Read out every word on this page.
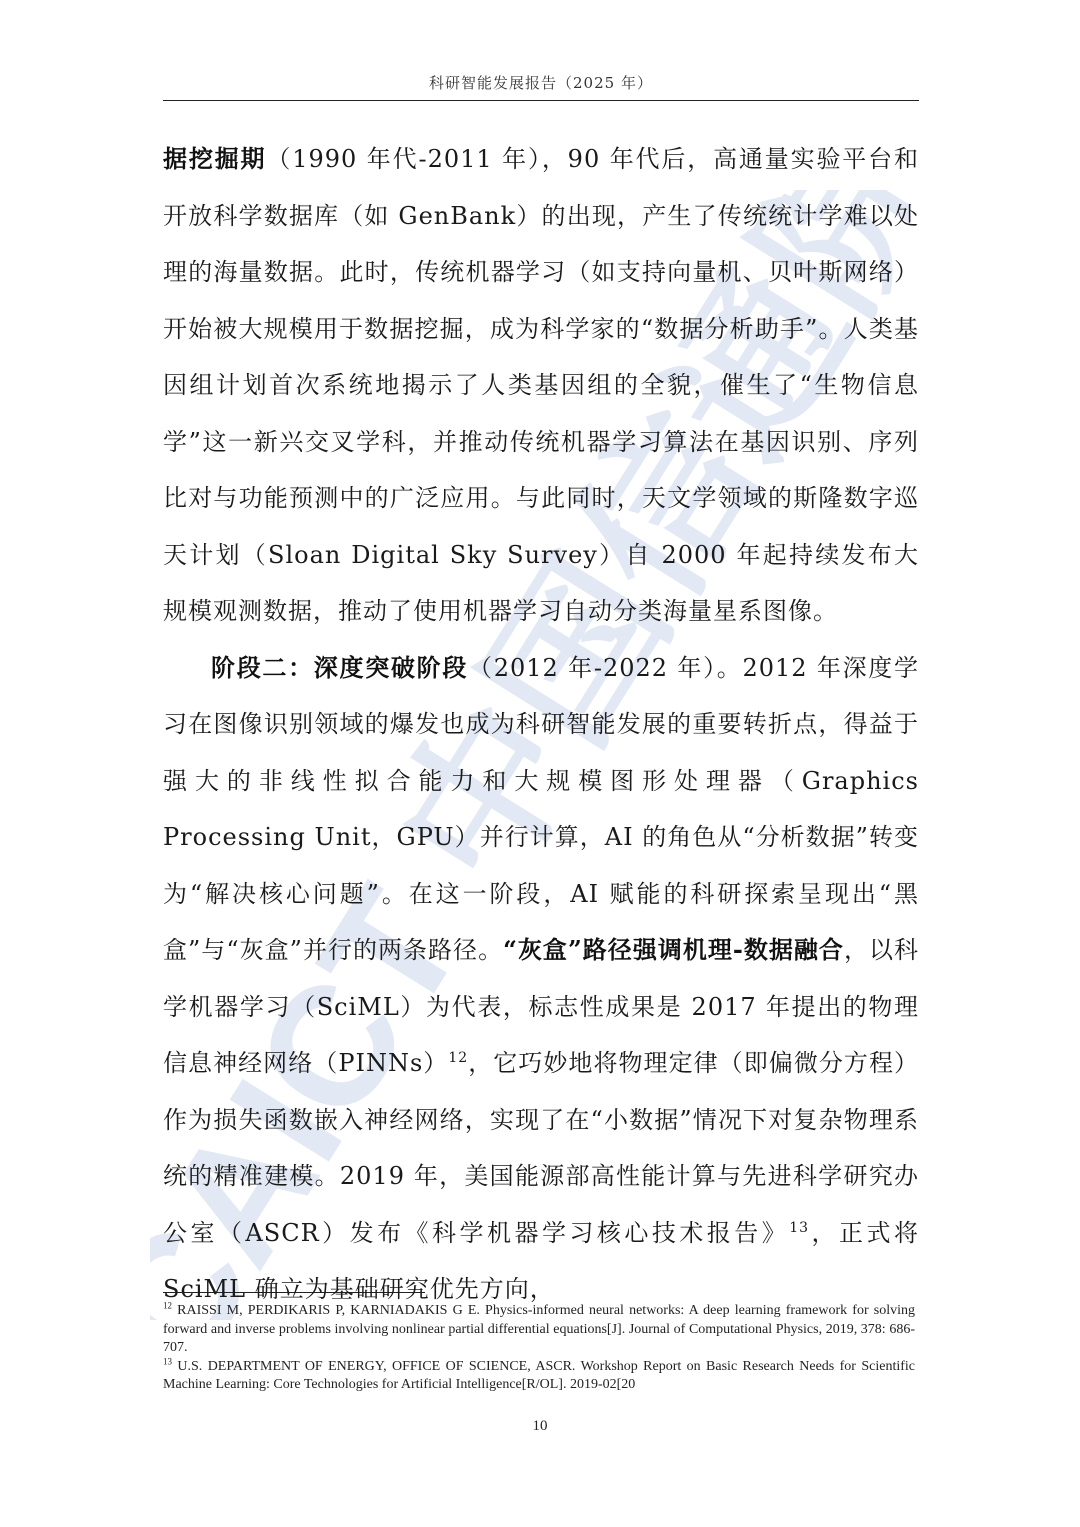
CAICT 中国信通院
科研智能发展报告（2025 年）

据挖掘期（1990 年代-2011 年），90 年代后，高通量实验平台和开放科学数据库（如 GenBank）的出现，产生了传统统计学难以处理的海量数据。此时，传统机器学习（如支持向量机、贝叶斯网络）开始被大规模用于数据挖掘，成为科学家的“数据分析助手”。人类基因组计划首次系统地揭示了人类基因组的全貌，催生了“生物信息学”这一新兴交叉学科，并推动传统机器学习算法在基因识别、序列比对与功能预测中的广泛应用。与此同时，天文学领域的斯隆数字巡天计划（Sloan Digital Sky Survey）自 2000 年起持续发布大规模观测数据，推动了使用机器学习自动分类海量星系图像。

阶段二：深度突破阶段（2012 年-2022 年）。2012 年深度学习在图像识别领域的爆发也成为科研智能发展的重要转折点，得益于强大的非线性拟合能力和大规模图形处理器（Graphics Processing Unit，GPU）并行计算，AI 的角色从“分析数据”转变为“解决核心问题”。在这一阶段，AI 赋能的科研探索呈现出“黑盒”与“灰盒”并行的两条路径。“灰盒”路径强调机理-数据融合，以科学机器学习（SciML）为代表，标志性成果是 2017 年提出的物理信息神经网络（PINNs）$^{12}$，它巧妙地将物理定律（即偏微分方程）作为损失函数嵌入神经网络，实现了在“小数据”情况下对复杂物理系统的精准建模。2019 年，美国能源部高性能计算与先进科学研究办公室（ASCR）发布《科学机器学习核心技术报告》$^{13}$，正式将 SciML 确立为基础研究优先方向，

$^{12}$ RAISSI M, PERDIKARIS P, KARNIADAKIS G E. Physics-informed neural networks: A deep learning framework for solving forward and inverse problems involving nonlinear partial differential equations[J]. Journal of Computational Physics, 2019, 378: 686-707.

$^{13}$ U.S. DEPARTMENT OF ENERGY, OFFICE OF SCIENCE, ASCR. Workshop Report on Basic Research Needs for Scientific Machine Learning: Core Technologies for Artificial Intelligence[R/OL]. 2019-02[20

10
